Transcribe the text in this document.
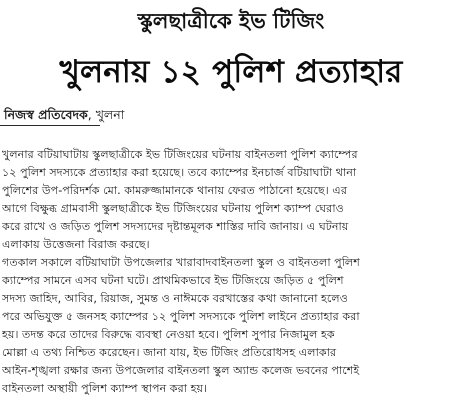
স্কুলছাত্রীকে ইভ টিজিং
খুলনায় ১২ পুলিশ প্রত্যাহার
নিজস্ব প্রতিবেদক, খুলনা
খুলনার বটিয়াঘাটায় স্কুলছাত্রীকে ইভ টিজিংয়ের ঘটনায় বাইনতলা পুলিশ ক্যাম্পের
১২ পুলিশ সদস্যকে প্রত্যাহার করা হয়েছে। তবে ক্যাম্পের ইনচার্জ বটিয়াঘাটা থানা
পুলিশের উপ-পরিদর্শক মো. কামরুজ্জামানকে থানায় ফেরত পাঠানো হয়েছে। এর
আগে বিক্ষুব্ধ গ্রামবাসী স্কুলছাত্রীকে ইভ টিজিংয়ের ঘটনায় পুলিশ ক্যাম্প ঘেরাও
করে রাখে ও জড়িত পুলিশ সদস্যদের দৃষ্টান্তমূলক শাস্তির দাবি জানায়। এ ঘটনায়
এলাকায় উত্তেজনা বিরাজ করছে।
গতকাল সকালে বটিয়াঘাটা উপজেলার খারাবাদবাইনতলা স্কুল ও বাইনতলা পুলিশ
ক্যাম্পের সামনে এসব ঘটনা ঘটে। প্রাথমিকভাবে ইভ টিজিংয়ে জড়িত ৫ পুলিশ
সদস্য জাহিদ, আবির, রিয়াজ, সুমন্ত ও নাঈমকে বরখাস্তের কথা জানানো হলেও
পরে অভিযুক্ত ৫ জনসহ ক্যাম্পের ১২ পুলিশ সদস্যকে পুলিশ লাইনে প্রত্যাহার করা
হয়। তদন্ত করে তাদের বিরুদ্ধে ব্যবস্থা নেওয়া হবে। পুলিশ সুপার নিজামুল হক
মোল্লা এ তথ্য নিশ্চিত করেছেন। জানা যায়, ইভ টিজিং প্রতিরোধসহ এলাকার
আইন-শৃঙ্খলা রক্ষার জন্য উপজেলার বাইনতলা স্কুল অ্যান্ড কলেজ ভবনের পাশেই
বাইনতলা অস্থায়ী পুলিশ ক্যাম্প স্থাপন করা হয়।
